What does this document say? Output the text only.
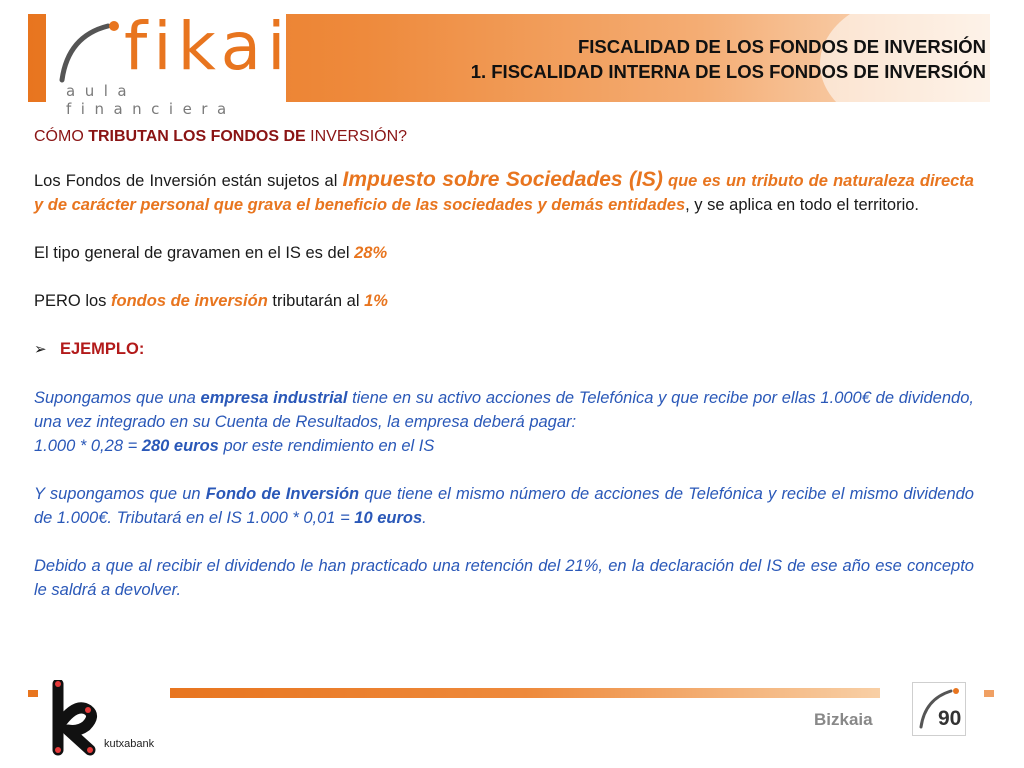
fikai
aula financiera
FISCALIDAD DE LOS FONDOS DE INVERSIÓN
1. FISCALIDAD INTERNA DE LOS FONDOS DE INVERSIÓN

CÓMO TRIBUTAN LOS FONDOS DE INVERSIÓN?

Los Fondos de Inversión están sujetos al Impuesto sobre Sociedades (IS) que es un tributo de naturaleza directa y de carácter personal que grava el beneficio de las sociedades y demás entidades, y se aplica en todo el territorio.

El tipo general de gravamen en el IS es del 28%

PERO los fondos de inversión tributarán al 1%

➢ EJEMPLO:

Supongamos que una empresa industrial tiene en su activo acciones de Telefónica y que recibe por ellas 1.000€ de dividendo, una vez integrado en su Cuenta de Resultados, la empresa deberá pagar:
1.000 * 0,28 = 280 euros por este rendimiento en el IS

Y supongamos que un Fondo de Inversión que tiene el mismo número de acciones de Telefónica y recibe el mismo dividendo de 1.000€. Tributará en el IS 1.000 * 0,01 = 10 euros.

Debido a que al recibir el dividendo le han practicado una retención del 21%, en la declaración del IS de ese año ese concepto le saldrá a devolver.

kutxabank
Bizkaia	90
